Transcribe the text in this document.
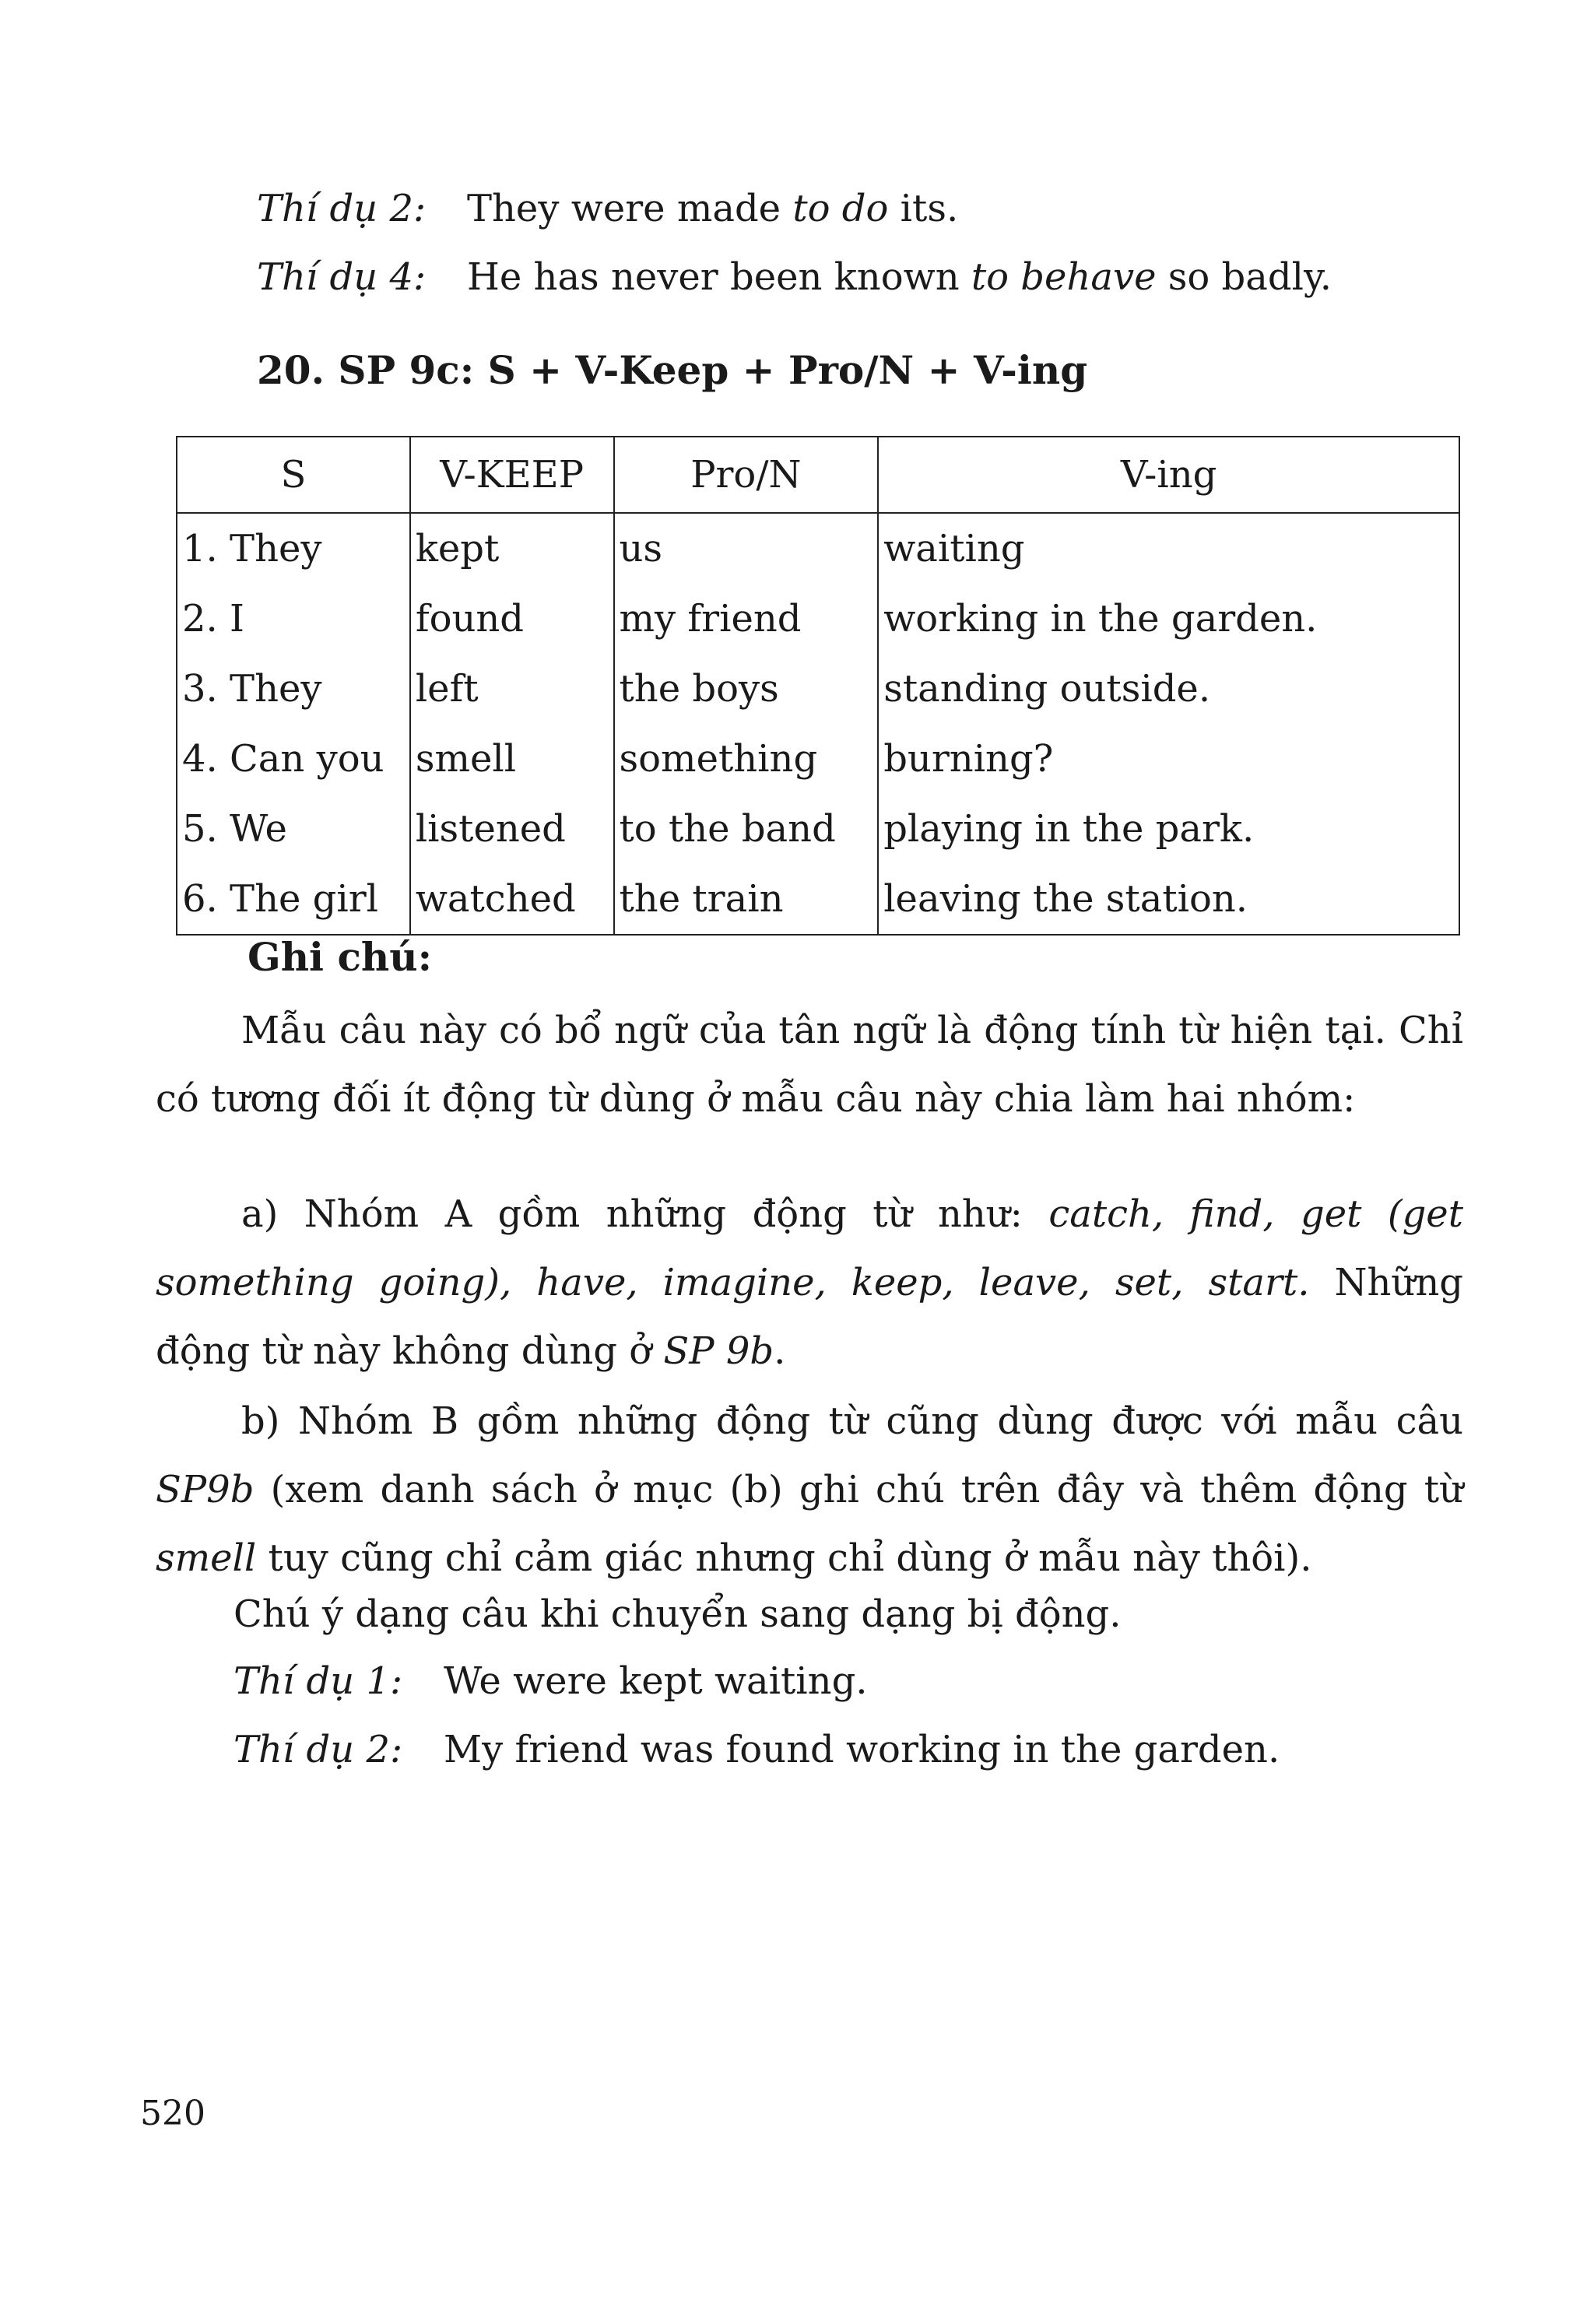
Thí dụ 2: They were made to do its.
Thí dụ 4: He has never been known to behave so badly.
20. SP 9c: S + V-Keep + Pro/N + V-ing
S	V-KEEP	Pro/N	V-ing
1. They	kept	us	waiting
2. I	found	my friend	working in the garden.
3. They	left	the boys	standing outside.
4. Can you	smell	something	burning?
5. We	listened	to the band	playing in the park.
6. The girl	watched	the train	leaving the station.
Ghi chú:
Mẫu câu này có bổ ngữ của tân ngữ là động tính từ hiện tại. Chỉ có tương đối ít động từ dùng ở mẫu câu này chia làm hai nhóm:
a) Nhóm A gồm những động từ như: catch, find, get (get something going), have, imagine, keep, leave, set, start. Những động từ này không dùng ở SP 9b.
b) Nhóm B gồm những động từ cũng dùng được với mẫu câu SP9b (xem danh sách ở mục (b) ghi chú trên đây và thêm động từ smell tuy cũng chỉ cảm giác nhưng chỉ dùng ở mẫu này thôi).
Chú ý dạng câu khi chuyển sang dạng bị động.
Thí dụ 1: We were kept waiting.
Thí dụ 2: My friend was found working in the garden.
520
